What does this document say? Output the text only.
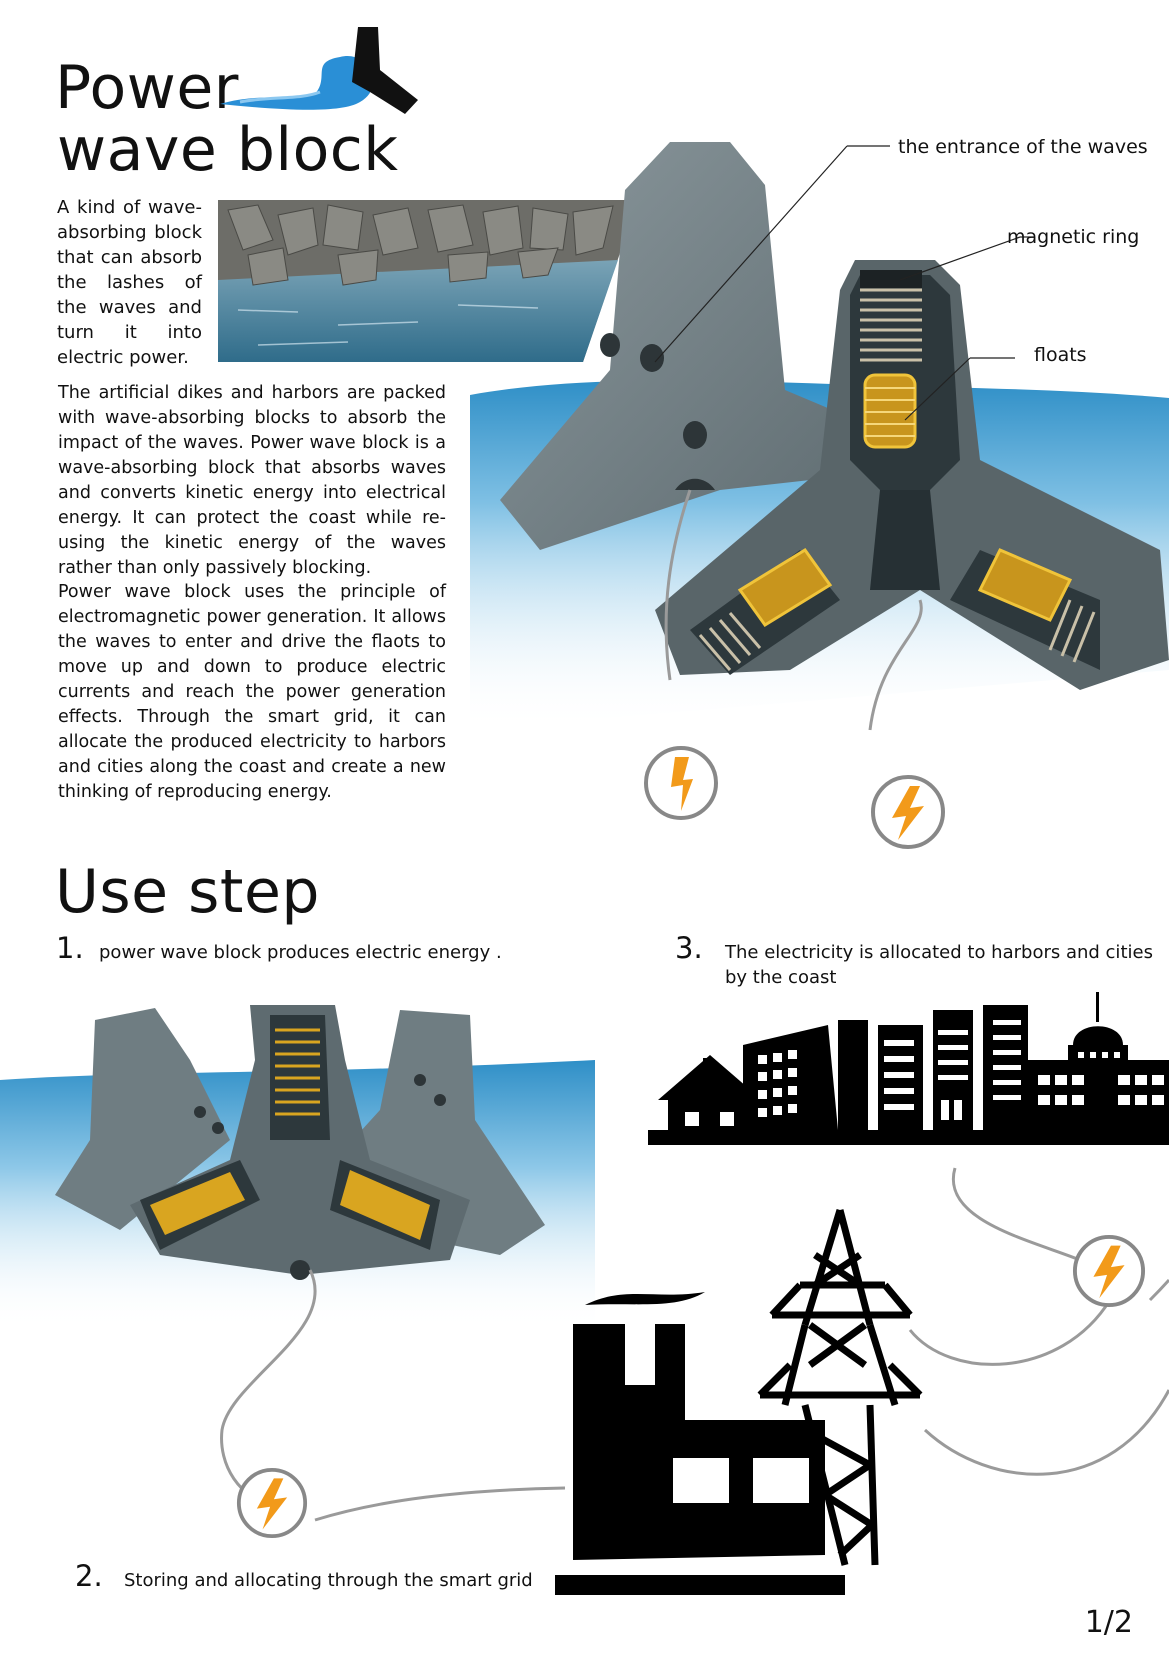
Power
wave block
A kind of wave-absorbing block that can absorb the lashes of the waves and turn it into electric power.
The artificial dikes and harbors are packed with wave-absorbing blocks to absorb the impact of the waves. Power wave block is a wave-absorbing block that absorbs waves and converts kinetic energy into electrical energy. It can protect the coast while re-using the kinetic energy of the waves rather than only passively blocking.
Power wave block uses the principle of electromagnetic power generation. It allows the waves to enter and drive the flaots to move up and down to produce electric currents and reach the power generation effects. Through the smart grid, it can allocate the produced electricity to harbors and cities along the coast and create a new thinking of reproducing energy.
the entrance of the waves
magnetic ring
floats
Use step
1. power wave block produces electric energy .	3. The electricity is allocated to harbors and cities by the coast
2. Storing and allocating through the smart grid
1/2
